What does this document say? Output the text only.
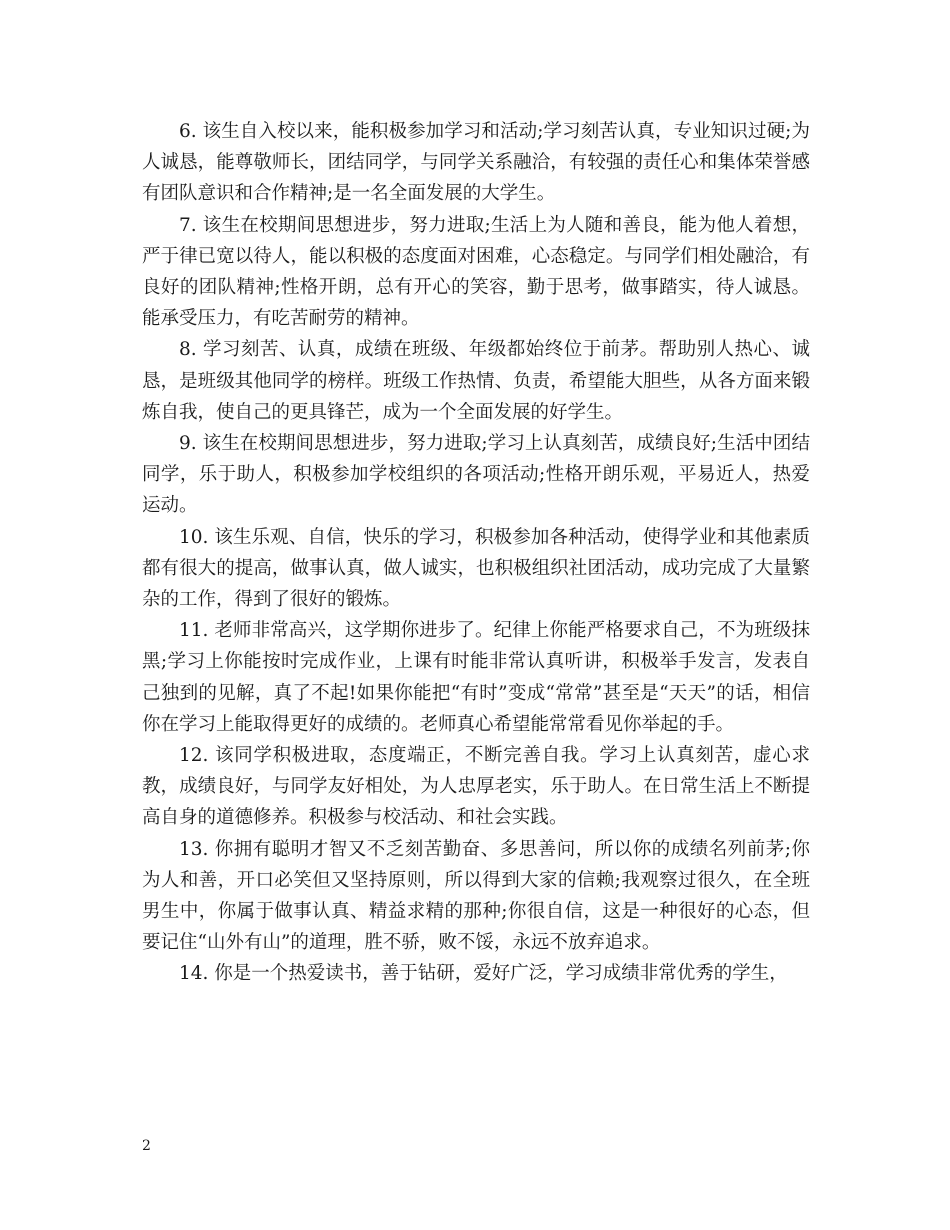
6. 该生自入校以来，能积极参加学习和活动;学习刻苦认真，专业知识过硬;为人诚恳，能尊敬师长，团结同学，与同学关系融洽，有较强的责任心和集体荣誉感有团队意识和合作精神;是一名全面发展的大学生。

7. 该生在校期间思想进步，努力进取;生活上为人随和善良，能为他人着想，严于律已宽以待人，能以积极的态度面对困难，心态稳定。与同学们相处融洽，有良好的团队精神;性格开朗，总有开心的笑容，勤于思考，做事踏实，待人诚恳。能承受压力，有吃苦耐劳的精神。

8. 学习刻苦、认真，成绩在班级、年级都始终位于前茅。帮助别人热心、诚恳，是班级其他同学的榜样。班级工作热情、负责，希望能大胆些，从各方面来锻炼自我，使自己的更具锋芒，成为一个全面发展的好学生。

9. 该生在校期间思想进步，努力进取;学习上认真刻苦，成绩良好;生活中团结同学，乐于助人，积极参加学校组织的各项活动;性格开朗乐观，平易近人，热爱运动。

10. 该生乐观、自信，快乐的学习，积极参加各种活动，使得学业和其他素质都有很大的提高，做事认真，做人诚实，也积极组织社团活动，成功完成了大量繁杂的工作，得到了很好的锻炼。

11. 老师非常高兴，这学期你进步了。纪律上你能严格要求自己，不为班级抹黑;学习上你能按时完成作业，上课有时能非常认真听讲，积极举手发言，发表自己独到的见解，真了不起!如果你能把“有时”变成“常常”甚至是“天天”的话，相信你在学习上能取得更好的成绩的。老师真心希望能常常看见你举起的手。

12. 该同学积极进取，态度端正，不断完善自我。学习上认真刻苦，虚心求教，成绩良好，与同学友好相处，为人忠厚老实，乐于助人。在日常生活上不断提高自身的道德修养。积极参与校活动、和社会实践。

13. 你拥有聪明才智又不乏刻苦勤奋、多思善问，所以你的成绩名列前茅;你为人和善，开口必笑但又坚持原则，所以得到大家的信赖;我观察过很久，在全班男生中，你属于做事认真、精益求精的那种;你很自信，这是一种很好的心态，但要记住“山外有山”的道理，胜不骄，败不馁，永远不放弃追求。

14. 你是一个热爱读书，善于钻研，爱好广泛，学习成绩非常优秀的学生，

2
